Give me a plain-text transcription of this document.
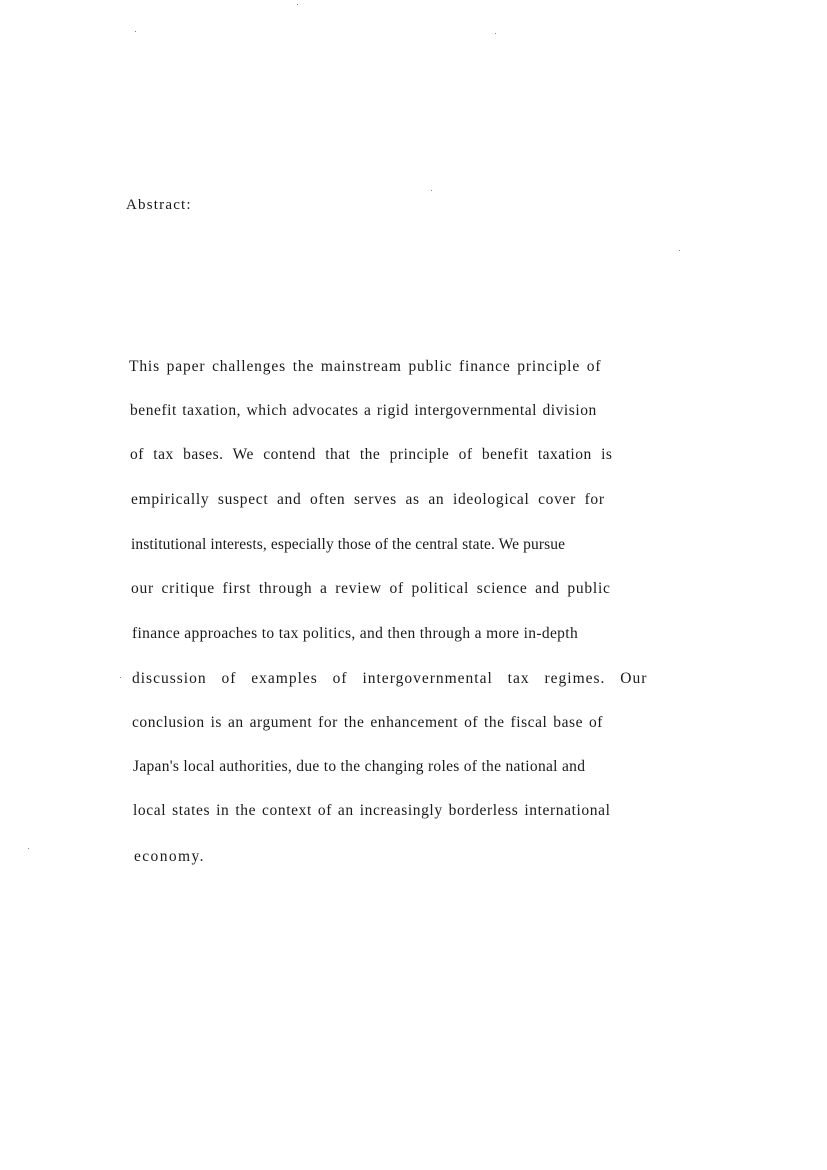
Abstract:

This paper challenges the mainstream public finance principle of

benefit taxation, which advocates a rigid intergovernmental division

of tax bases. We contend that the principle of benefit taxation is

empirically suspect and often serves as an ideological cover for

institutional interests, especially those of the central state. We pursue

our critique first through a review of political science and public

finance approaches to tax politics, and then through a more in-depth

discussion of examples of intergovernmental tax regimes. Our

conclusion is an argument for the enhancement of the fiscal base of

Japan's local authorities, due to the changing roles of the national and

local states in the context of an increasingly borderless international

economy.
